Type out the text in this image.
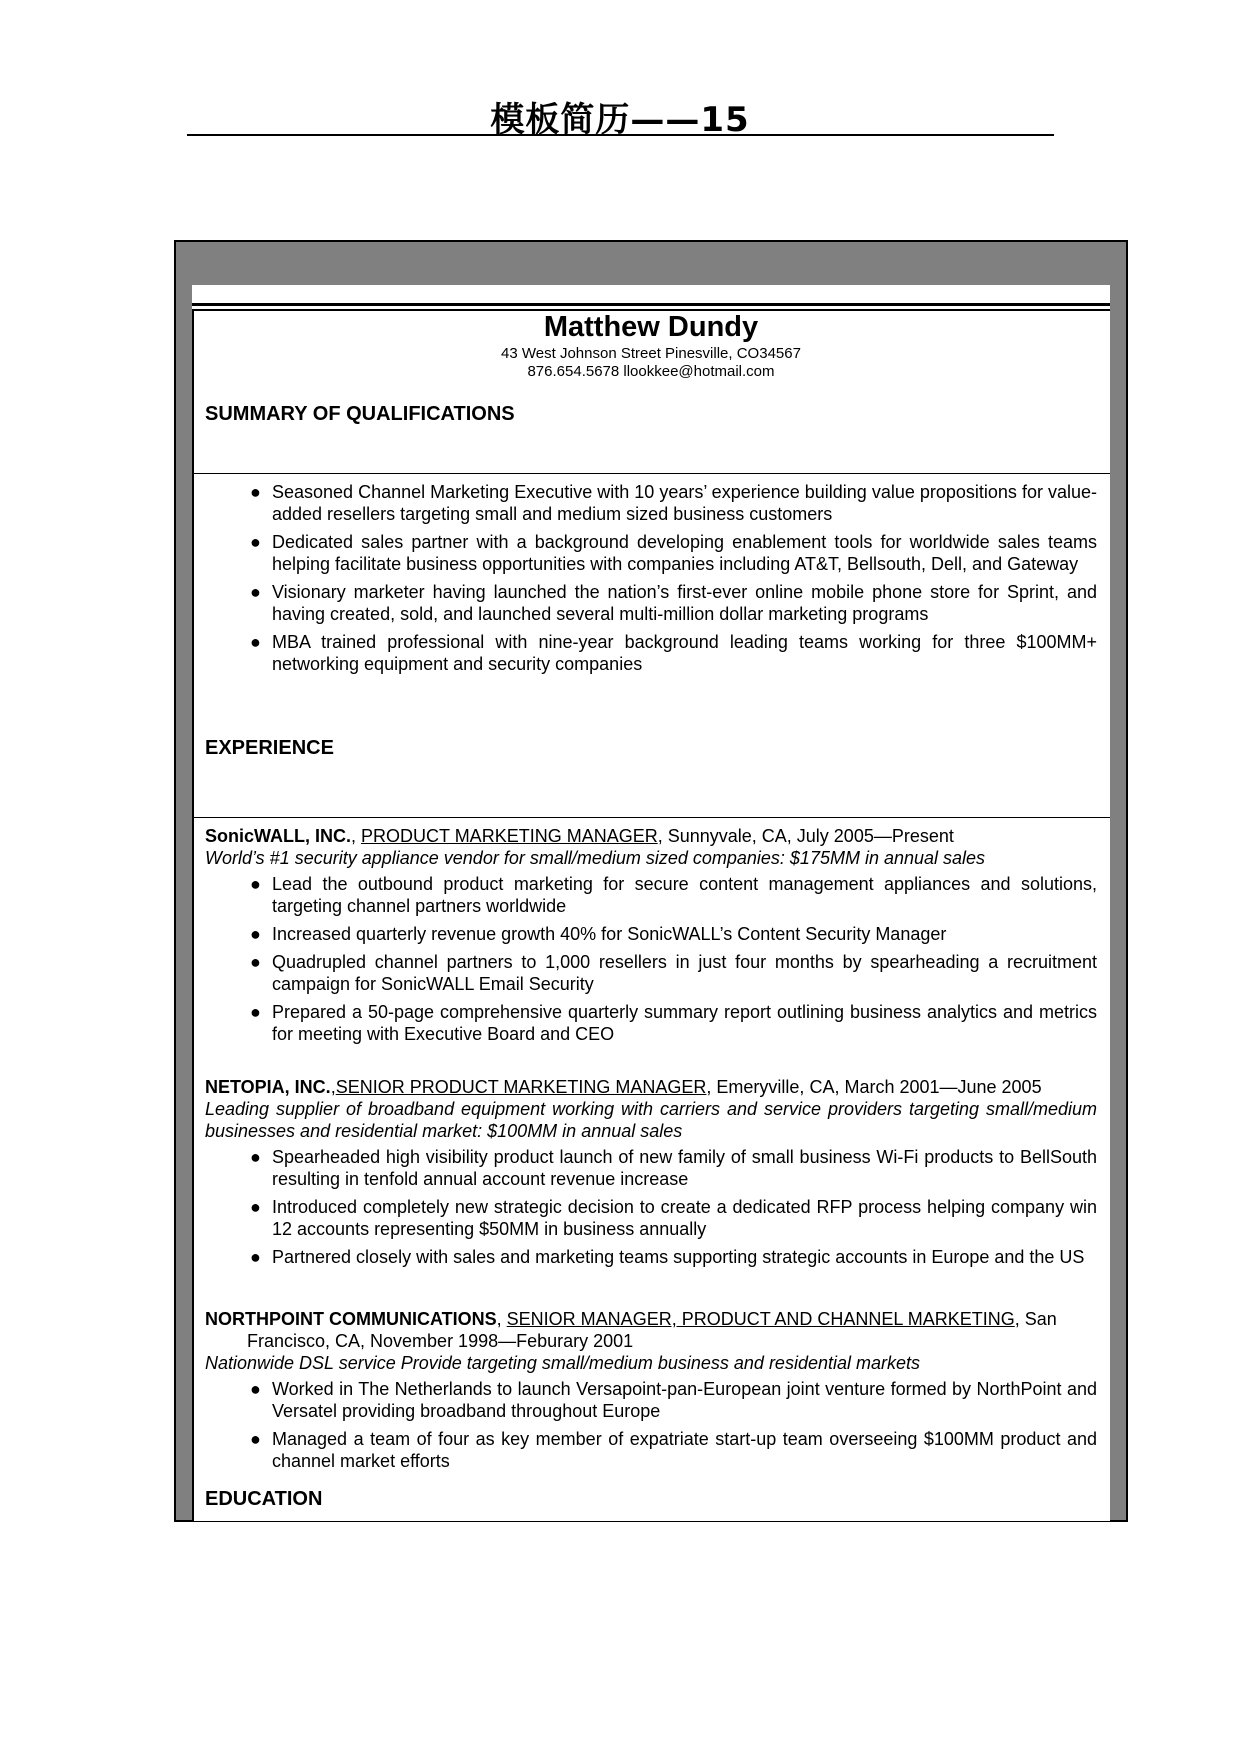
模板简历——15
Matthew Dundy
43 West Johnson Street Pinesville, CO34567
876.654.5678 llookkee@hotmail.com
SUMMARY OF QUALIFICATIONS
● Seasoned Channel Marketing Executive with 10 years’ experience building value propositions for value-added resellers targeting small and medium sized business customers
● Dedicated sales partner with a background developing enablement tools for worldwide sales teams helping facilitate business opportunities with companies including AT&T, Bellsouth, Dell, and Gateway
● Visionary marketer having launched the nation’s first-ever online mobile phone store for Sprint, and having created, sold, and launched several multi-million dollar marketing programs
● MBA trained professional with nine-year background leading teams working for three $100MM+ networking equipment and security companies
EXPERIENCE
SonicWALL, INC., PRODUCT MARKETING MANAGER, Sunnyvale, CA, July 2005—Present
World’s #1 security appliance vendor for small/medium sized companies: $175MM in annual sales
● Lead the outbound product marketing for secure content management appliances and solutions, targeting channel partners worldwide
● Increased quarterly revenue growth 40% for SonicWALL’s Content Security Manager
● Quadrupled channel partners to 1,000 resellers in just four months by spearheading a recruitment campaign for SonicWALL Email Security
● Prepared a 50-page comprehensive quarterly summary report outlining business analytics and metrics for meeting with Executive Board and CEO
NETOPIA, INC.,SENIOR PRODUCT MARKETING MANAGER, Emeryville, CA, March 2001—June 2005
Leading supplier of broadband equipment working with carriers and service providers targeting small/medium businesses and residential market: $100MM in annual sales
● Spearheaded high visibility product launch of new family of small business Wi-Fi products to BellSouth resulting in tenfold annual account revenue increase
● Introduced completely new strategic decision to create a dedicated RFP process helping company win 12 accounts representing $50MM in business annually
● Partnered closely with sales and marketing teams supporting strategic accounts in Europe and the US
NORTHPOINT COMMUNICATIONS, SENIOR MANAGER, PRODUCT AND CHANNEL MARKETING, San Francisco, CA, November 1998—Feburary 2001
Nationwide DSL service Provide targeting small/medium business and residential markets
● Worked in The Netherlands to launch Versapoint-pan-European joint venture formed by NorthPoint and Versatel providing broadband throughout Europe
● Managed a team of four as key member of expatriate start-up team overseeing $100MM product and channel market efforts
EDUCATION
